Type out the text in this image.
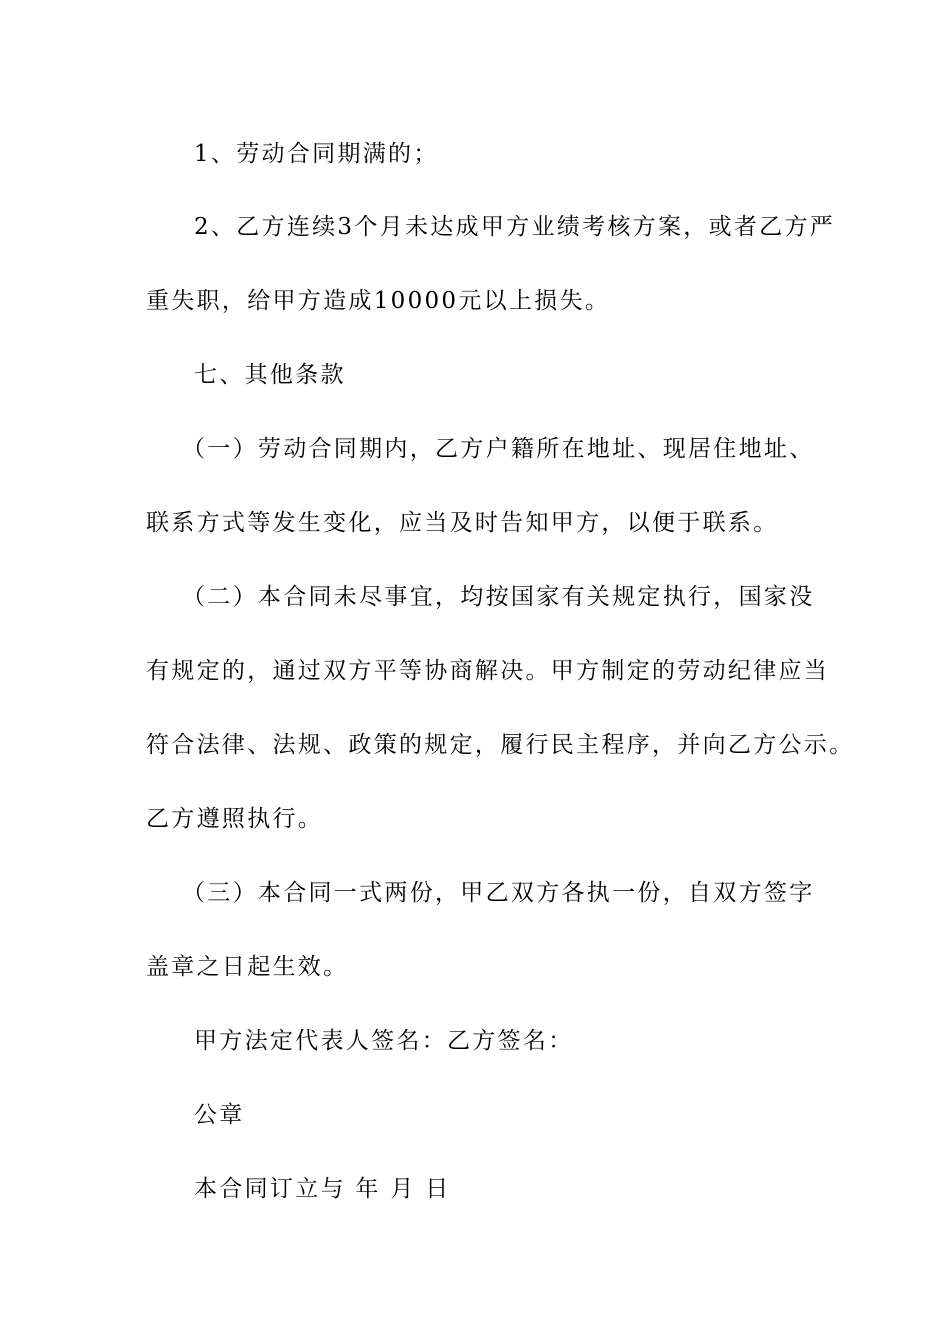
1、劳动合同期满的；
2、乙方连续3个月未达成甲方业绩考核方案，或者乙方严
重失职，给甲方造成10000元以上损失。
七、其他条款
（一）劳动合同期内，乙方户籍所在地址、现居住地址、
联系方式等发生变化，应当及时告知甲方，以便于联系。
（二）本合同未尽事宜，均按国家有关规定执行，国家没
有规定的，通过双方平等协商解决。甲方制定的劳动纪律应当
符合法律、法规、政策的规定，履行民主程序，并向乙方公示。
乙方遵照执行。
（三）本合同一式两份，甲乙双方各执一份，自双方签字
盖章之日起生效。
甲方法定代表人签名：乙方签名：
公章
本合同订立与 年 月 日
